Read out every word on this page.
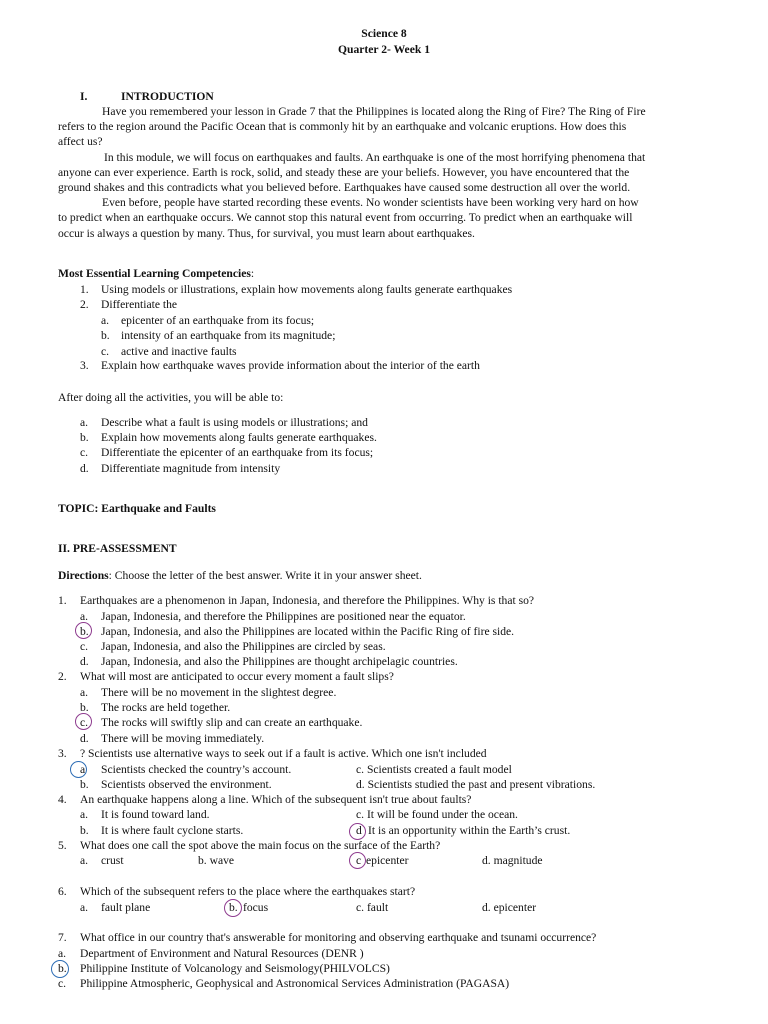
Science 8
Quarter 2- Week 1
I.	INTRODUCTION
Have you remembered your lesson in Grade 7 that the Philippines is located along the Ring of Fire? The Ring of Fire
refers to the region around the Pacific Ocean that is commonly hit by an earthquake and volcanic eruptions. How does this
affect us?
In this module, we will focus on earthquakes and faults. An earthquake is one of the most horrifying phenomena that
anyone can ever experience. Earth is rock, solid, and steady these are your beliefs. However, you have encountered that the
ground shakes and this contradicts what you believed before. Earthquakes have caused some destruction all over the world.
Even before, people have started recording these events. No wonder scientists have been working very hard on how
to predict when an earthquake occurs. We cannot stop this natural event from occurring. To predict when an earthquake will
occur is always a question by many. Thus, for survival, you must learn about earthquakes.
Most Essential Learning Competencies:
1. Using models or illustrations, explain how movements along faults generate earthquakes
2. Differentiate the
a. epicenter of an earthquake from its focus;
b. intensity of an earthquake from its magnitude;
c. active and inactive faults
3. Explain how earthquake waves provide information about the interior of the earth
After doing all the activities, you will be able to:
a. Describe what a fault is using models or illustrations; and
b. Explain how movements along faults generate earthquakes.
c. Differentiate the epicenter of an earthquake from its focus;
d. Differentiate magnitude from intensity
TOPIC: Earthquake and Faults
II. PRE-ASSESSMENT
Directions: Choose the letter of the best answer. Write it in your answer sheet.
1. Earthquakes are a phenomenon in Japan, Indonesia, and therefore the Philippines. Why is that so?
a. Japan, Indonesia, and therefore the Philippines are positioned near the equator.
b. Japan, Indonesia, and also the Philippines are located within the Pacific Ring of fire side.
c. Japan, Indonesia, and also the Philippines are circled by seas.
d. Japan, Indonesia, and also the Philippines are thought archipelagic countries.
2. What will most are anticipated to occur every moment a fault slips?
a. There will be no movement in the slightest degree.
b. The rocks are held together.
c. The rocks will swiftly slip and can create an earthquake.
d. There will be moving immediately.
3. ? Scientists use alternative ways to seek out if a fault is active. Which one isn't included
a Scientists checked the country’s account.	c. Scientists created a fault model
b. Scientists observed the environment.	d. Scientists studied the past and present vibrations.
4. An earthquake happens along a line. Which of the subsequent isn't true about faults?
a. It is found toward land.	c. It will be found under the ocean.
b. It is where fault cyclone starts.	d It is an opportunity within the Earth’s crust.
5. What does one call the spot above the main focus on the surface of the Earth?
a. crust	b. wave	c epicenter	d. magnitude
6. Which of the subsequent refers to the place where the earthquakes start?
a. fault plane	b. focus	c. fault	d. epicenter
7. What office in our country that's answerable for monitoring and observing earthquake and tsunami occurrence?
a. Department of Environment and Natural Resources (DENR )
b. Philippine Institute of Volcanology and Seismology(PHILVOLCS)
c. Philippine Atmospheric, Geophysical and Astronomical Services Administration (PAGASA)
